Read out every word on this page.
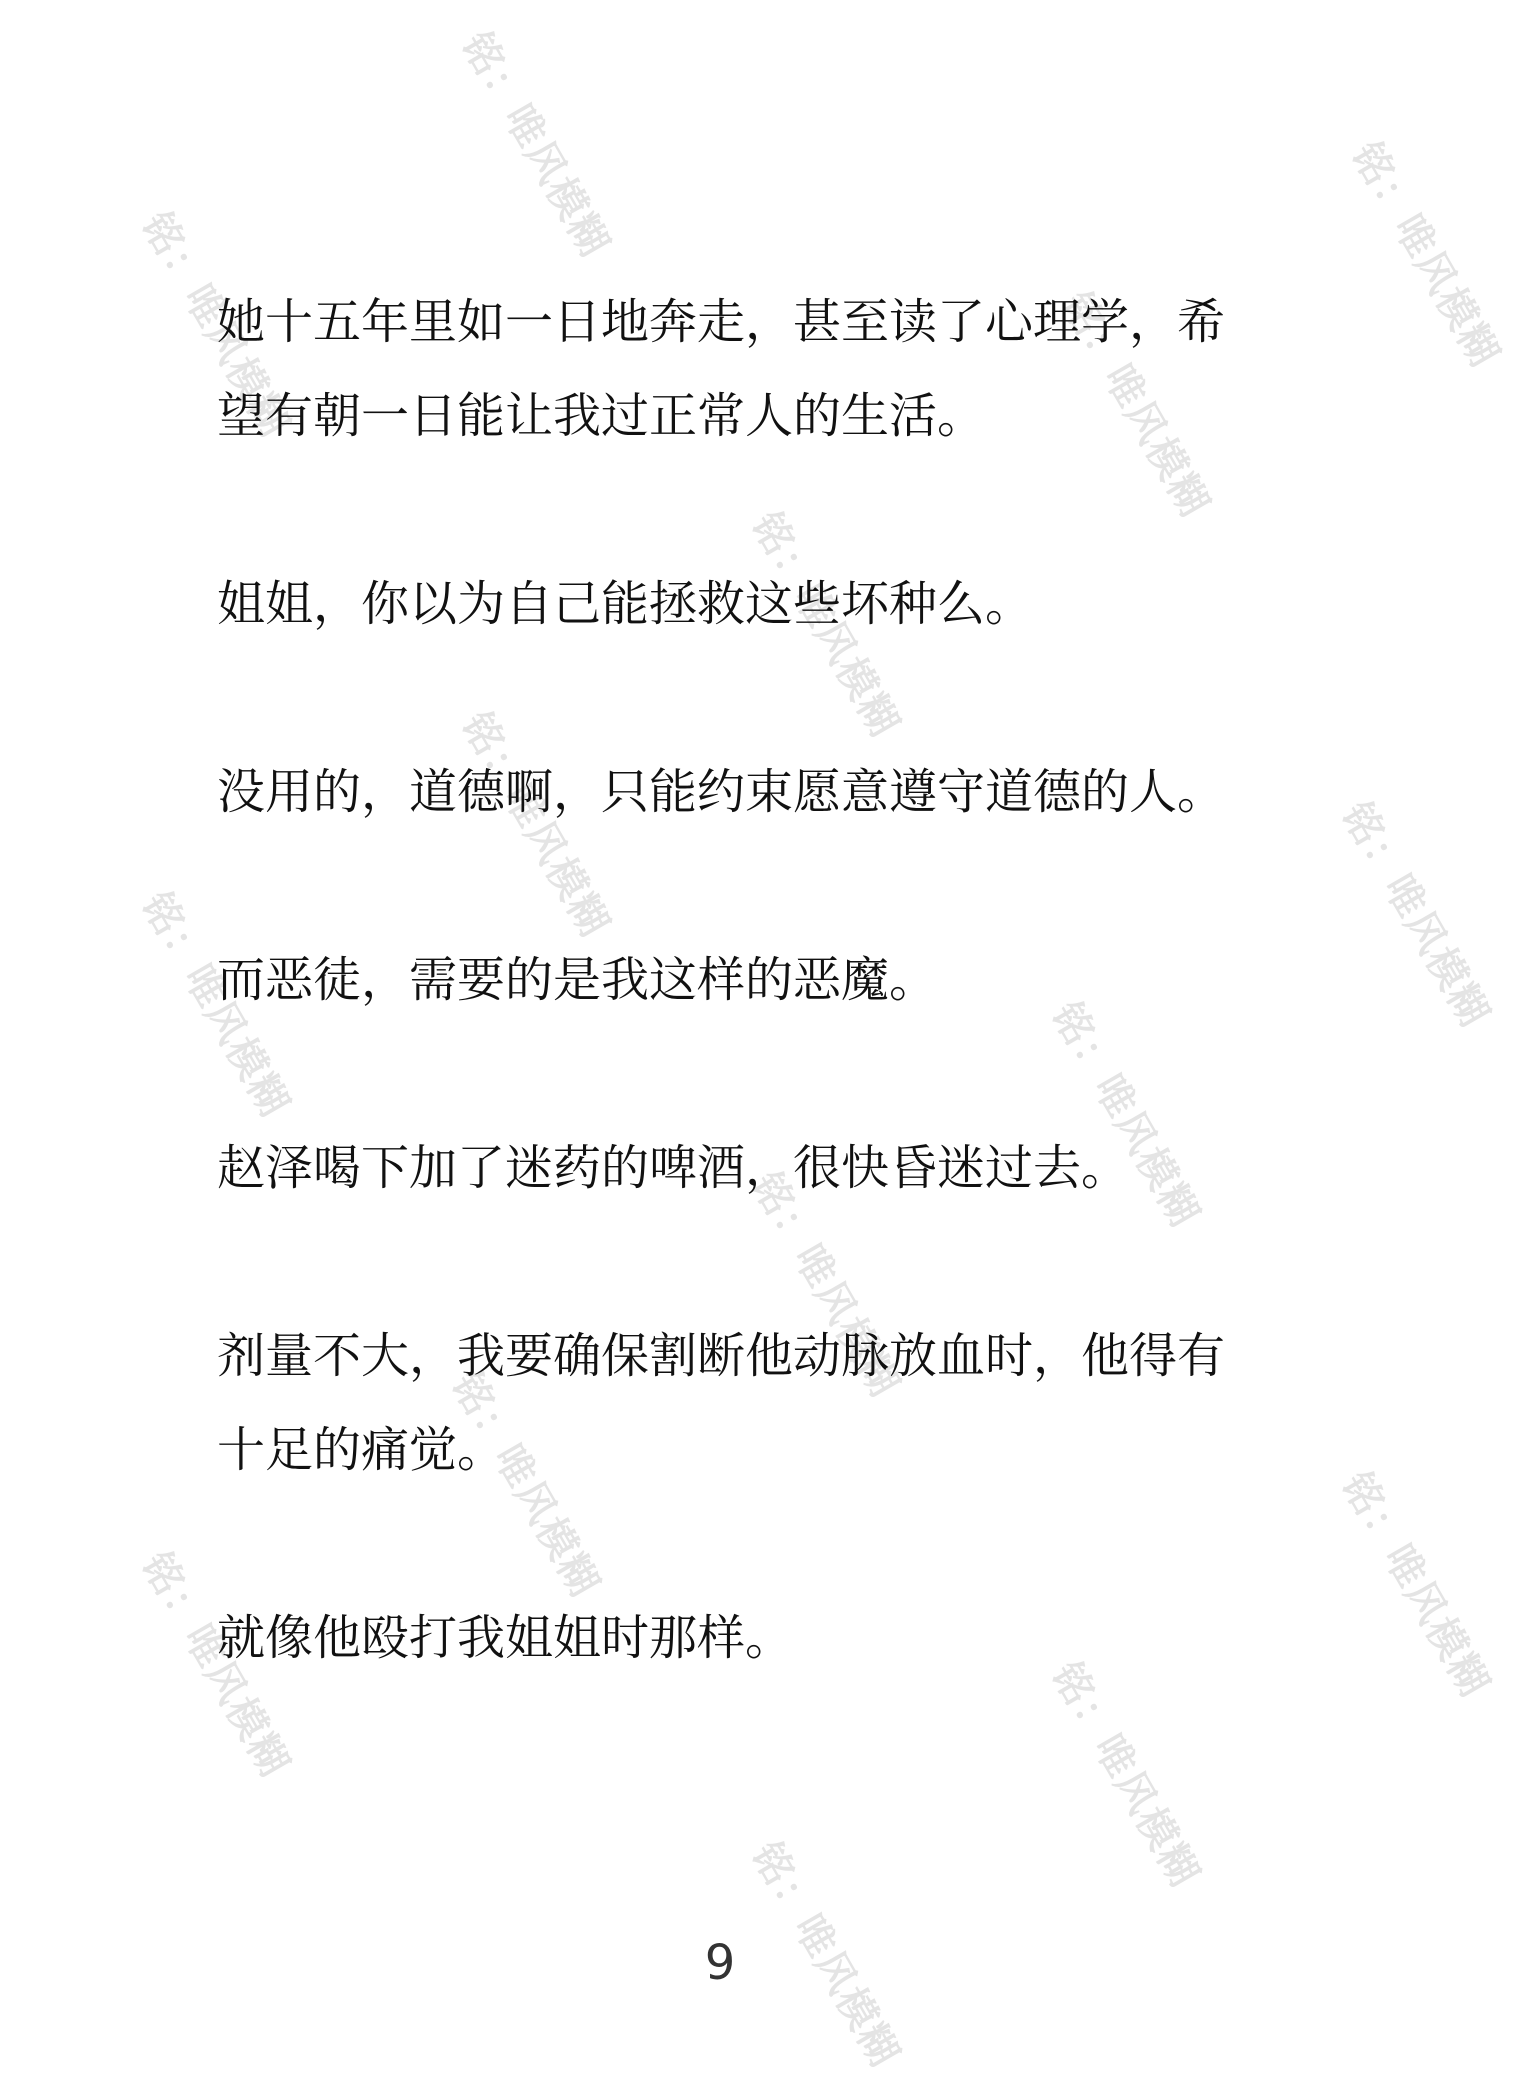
铭：唯风模糊
铭：唯风模糊	铭：唯风模糊
铭：唯风模糊
铭：唯风模糊
铭：唯风模糊	铭：唯风模糊
铭：唯风模糊	铭：唯风模糊
铭：唯风模糊
铭：唯风模糊	铭：唯风模糊
铭：唯风模糊	铭：唯风模糊
铭：唯风模糊

她十五年里如一日地奔走，甚至读了心理学，希望有朝一日能让我过正常人的生活。

姐姐，你以为自己能拯救这些坏种么。

没用的，道德啊，只能约束愿意遵守道德的人。

而恶徒，需要的是我这样的恶魔。

赵泽喝下加了迷药的啤酒，很快昏迷过去。

剂量不大，我要确保割断他动脉放血时，他得有十足的痛觉。

就像他殴打我姐姐时那样。

9
